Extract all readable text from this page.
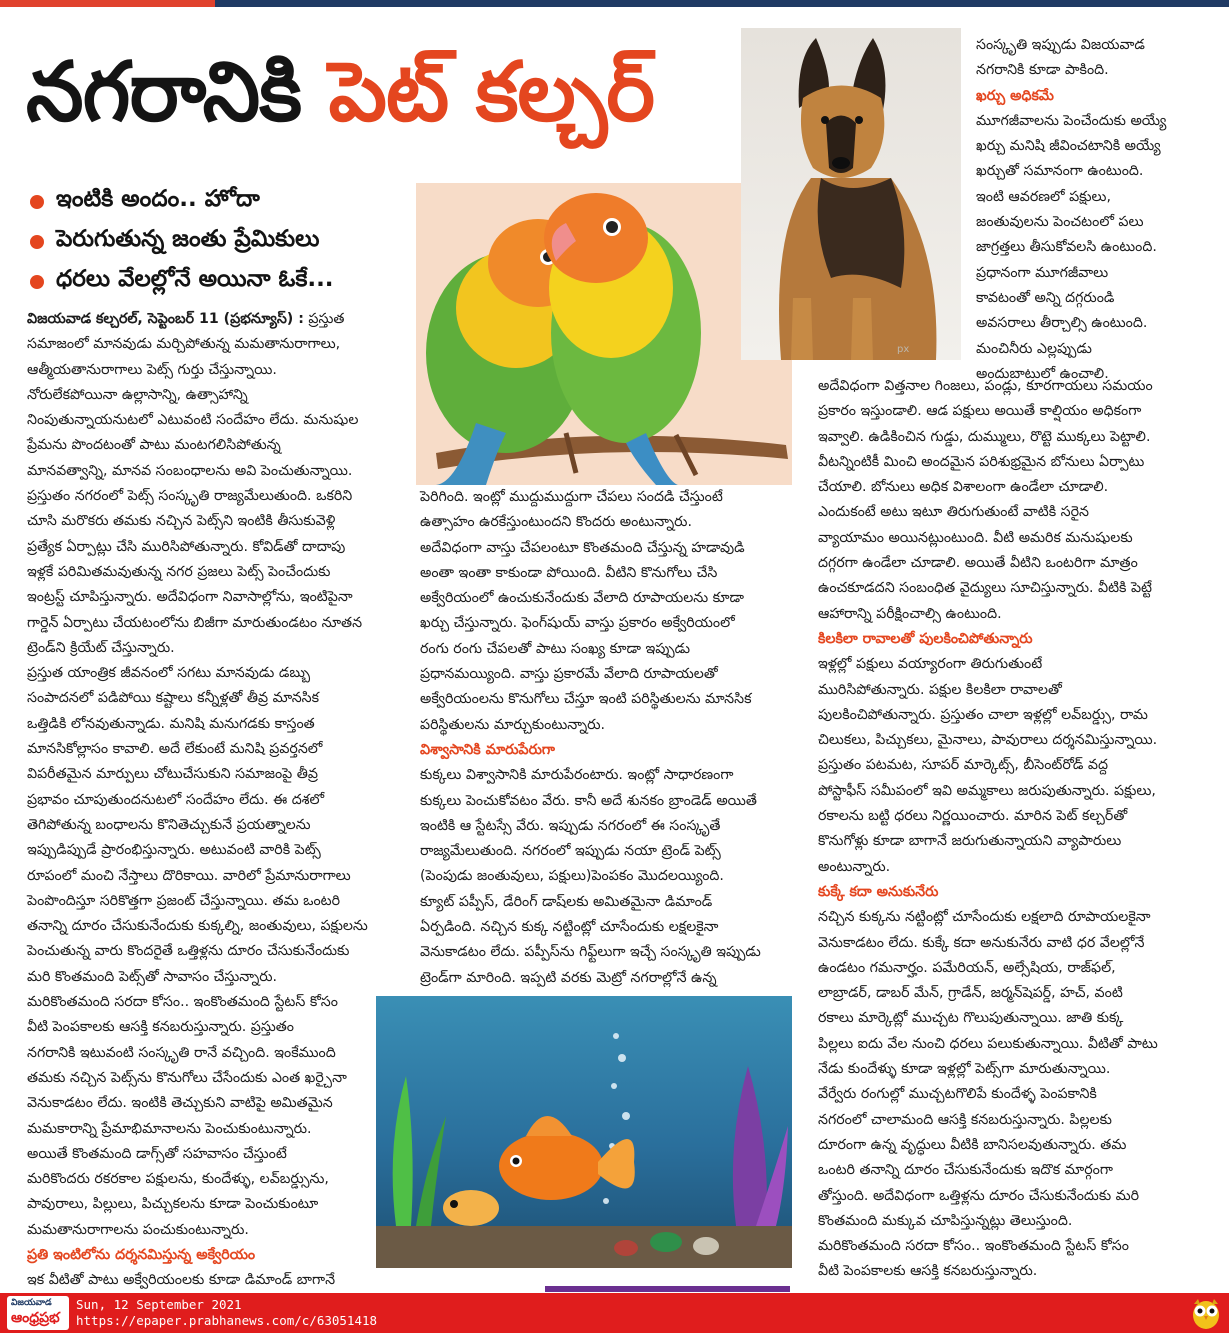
నగరానికి పెట్ కల్చర్
ఇంటికి అందం.. హోదా
పెరుగుతున్న జంతు ప్రేమికులు
ధరలు వేలల్లోనే అయినా ఓకే...

విజయవాడ కల్చరల్, సెప్టెంబర్ 11 (ప్రభన్యూస్) : ప్రస్తుత

సమాజంలో మానవుడు మర్చిపోతున్న మమతానురాగాలు,

ఆత్మీయతానురాగాలు పెట్స్ గుర్తు చేస్తున్నాయి.

నోరులేకపోయినా ఉల్లాసాన్ని, ఉత్సాహాన్ని

నింపుతున్నాయనుటలో ఎటువంటి సందేహం లేదు. మనుషుల

ప్రేమను పొందటంతో పాటు మంటగలిసిపోతున్న

మానవత్వాన్ని, మానవ సంబంధాలను అవి పెంచుతున్నాయి.

ప్రస్తుతం నగరంలో పెట్స్ సంస్కృతి రాజ్యమేలుతుంది. ఒకరిని

చూసి మరొకరు తమకు నచ్చిన పెట్స్‌ని ఇంటికి తీసుకువెళ్లి

ప్రత్యేక ఏర్పాట్లు చేసి మురిసిపోతున్నారు. కోవిడ్‌తో దాదాపు

ఇళ్లకే పరిమితమవుతున్న నగర ప్రజలు పెట్స్ పెంచేందుకు

ఇంట్రస్ట్ చూపిస్తున్నారు. అదేవిధంగా నివాసాల్లోను, ఇంటిపైనా

గార్డెన్ ఏర్పాటు చేయటంలోను బిజీగా మారుతుండటం నూతన

ట్రెండ్‌ని క్రియేట్ చేస్తున్నారు.

ప్రస్తుత యాంత్రిక జీవనంలో సగటు మానవుడు డబ్బు

సంపాదనలో పడిపోయి కష్టాలు కన్నీళ్లతో తీవ్ర మానసిక

ఒత్తిడికి లోనవుతున్నాడు. మనిషి మనుగడకు కాస్తంత

మానసికోల్లాసం కావాలి. అదే లేకుంటే మనిషి ప్రవర్తనలో

విపరీతమైన మార్పులు చోటుచేసుకుని సమాజంపై తీవ్ర

ప్రభావం చూపుతుందనుటలో సందేహం లేదు. ఈ దశలో

తెగిపోతున్న బంధాలను కొనితెచ్చుకునే ప్రయత్నాలను

ఇప్పుడిప్పుడే ప్రారంభిస్తున్నారు. అటువంటి వారికి పెట్స్

రూపంలో మంచి నేస్తాలు దొరికాయి. వారిలో ప్రేమానురాగాలు

పెంపొందిస్తూ సరికొత్తగా ప్రజంట్ చేస్తున్నాయి. తమ ఒంటరి

తనాన్ని దూరం చేసుకునేందుకు కుక్కల్ని, జంతువులు, పక్షులను

పెంచుతున్న వారు కొందరైతే ఒత్తిళ్లను దూరం చేసుకునేందుకు

మరి కొంతమంది పెట్స్‌తో సావాసం చేస్తున్నారు.

మరికొంతమంది సరదా కోసం.. ఇంకొంతమంది స్టేటస్ కోసం

వీటి పెంపకాలకు ఆసక్తి కనబరుస్తున్నారు. ప్రస్తుతం

నగరానికి ఇటువంటి సంస్కృతి రానే వచ్చింది. ఇంకేముంది

తమకు నచ్చిన పెట్స్‌ను కొనుగోలు చేసేందుకు ఎంత ఖర్చైనా

వెనుకాడటం లేదు. ఇంటికి తెచ్చుకుని వాటిపై అమితమైన

మమకారాన్ని ప్రేమాభిమానాలను పెంచుకుంటున్నారు.

అయితే కొంతమంది డాగ్స్‌తో సహవాసం చేస్తుంటే

మరికొందరు రకరకాల పక్షులను, కుందేళ్ళు, లవ్‌బర్డ్సును,

పావురాలు, పిల్లులు, పిచ్చుకలను కూడా పెంచుకుంటూ

మమతానురాగాలను పంచుకుంటున్నారు.

ప్రతి ఇంటిలోను దర్శనమిస్తున్న అక్వేరియం

ఇక వీటితో పాటు అక్వేరియంలకు కూడా డిమాండ్ బాగానే

px

పెరిగింది. ఇంట్లో ముద్దుముద్దుగా చేపలు సందడి చేస్తుంటే

ఉత్సాహం ఉరకేస్తుంటుందని కొందరు అంటున్నారు.

అదేవిధంగా వాస్తు చేపలంటూ కొంతమంది చేస్తున్న హడావుడి

అంతా ఇంతా కాకుండా పోయింది. వీటిని కొనుగోలు చేసి

అక్వేరియంలో ఉంచుకునేందుకు వేలాది రూపాయలను కూడా

ఖర్చు చేస్తున్నారు. ఫెంగ్‌షుయ్ వాస్తు ప్రకారం అక్వేరియంలో

రంగు రంగు చేపలతో పాటు సంఖ్య కూడా ఇప్పుడు

ప్రధానమయ్యింది. వాస్తు ప్రకారమే వేలాది రూపాయలతో

అక్వేరియంలను కొనుగోలు చేస్తూ ఇంటి పరిస్థితులను మానసిక

పరిస్థితులను మార్చుకుంటున్నారు.

విశ్వాసానికి మారుపేరుగా

కుక్కలు విశ్వాసానికి మారుపేరంటారు. ఇంట్లో సాధారణంగా

కుక్కలు పెంచుకోవటం వేరు. కానీ అదే శునకం బ్రాండెడ్ అయితే

ఇంటికి ఆ స్టేటస్సే వేరు. ఇప్పుడు నగరంలో ఈ సంస్కృతే

రాజ్యమేలుతుంది. నగరంలో ఇప్పుడు నయా ట్రెండ్ పెట్స్

(పెంపుడు జంతువులు, పక్షులు)పెంపకం మొదలయ్యింది.

క్యూట్ పప్పీస్, డేరింగ్ డాష్‌లకు అమితమైనా డిమాండ్

ఏర్పడింది. నచ్చిన కుక్క నట్టింట్లో చూసేందుకు లక్షలకైనా

వెనుకాడటం లేదు. పప్పీస్‌ను గిఫ్ట్‌లుగా ఇచ్చే సంస్కృతి ఇప్పుడు

ట్రెండ్‌గా మారింది. ఇప్పటి వరకు మెట్రో నగరాల్లోనే ఉన్న

సంస్కృతి ఇప్పుడు విజయవాడ

నగరానికి కూడా పాకింది.

ఖర్చు అధికమే

మూగజీవాలను పెంచేందుకు అయ్యే

ఖర్చు మనిషి జీవించటానికి అయ్యే

ఖర్చుతో సమానంగా ఉంటుంది.

ఇంటి ఆవరణలో పక్షులు,

జంతువులను పెంచటంలో పలు

జాగ్రత్తలు తీసుకోవలసి ఉంటుంది.

ప్రధానంగా మూగజీవాలు

కావటంతో అన్ని దగ్గరుండి

అవసరాలు తీర్చాల్సి ఉంటుంది.

మంచినీరు ఎల్లప్పుడు

అందుబాటులో ఉంచాలి.

అదేవిధంగా విత్తనాల గింజలు, పండ్లు, కూరగాయలు సమయం

ప్రకారం ఇస్తుండాలి. ఆడ పక్షులు అయితే కాల్షియం అధికంగా

ఇవ్వాలి. ఉడికించిన గుడ్డు, దుమ్ములు, రొట్టె ముక్కలు పెట్టాలి.

వీటన్నింటికీ మించి అందమైన పరిశుభ్రమైన బోనులు ఏర్పాటు

చేయాలి. బోనులు అధిక విశాలంగా ఉండేలా చూడాలి.

ఎందుకంటే అటు ఇటూ తిరుగుతుంటే వాటికి సరైన

వ్యాయామం అయినట్లుంటుంది. వీటి అమరిక మనుషులకు

దగ్గరగా ఉండేలా చూడాలి. అయితే వీటిని ఒంటరిగా మాత్రం

ఉంచకూడదని సంబంధిత వైద్యులు సూచిస్తున్నారు. వీటికి పెట్టే

ఆహారాన్ని పరీక్షించాల్సి ఉంటుంది.

కిలకిలా రావాలతో పులకించిపోతున్నారు

ఇళ్లల్లో పక్షులు వయ్యారంగా తిరుగుతుంటే

మురిసిపోతున్నారు. పక్షుల కిలకిలా రావాలతో

పులకించిపోతున్నారు. ప్రస్తుతం చాలా ఇళ్లల్లో లవ్‌బర్డ్సు, రామ

చిలుకలు, పిచ్చుకలు, మైనాలు, పావురాలు దర్శనమిస్తున్నాయి.

ప్రస్తుతం పటమట, సూపర్ మార్కెట్స్, బీసెంట్‌రోడ్ వద్ద

పోస్టాఫీస్ సమీపంలో ఇవి అమ్మకాలు జరుపుతున్నారు. పక్షులు,

రకాలను బట్టి ధరలు నిర్ణయించారు. మారిన పెట్ కల్చర్‌తో

కొనుగోళ్లు కూడా బాగానే జరుగుతున్నాయని వ్యాపారులు

అంటున్నారు.

కుక్కే కదా అనుకునేరు

నచ్చిన కుక్కను నట్టింట్లో చూసేందుకు లక్షలాది రూపాయలకైనా

వెనుకాడటం లేదు. కుక్కే కదా అనుకునేరు వాటి ధర వేలల్లోనే

ఉండటం గమనార్హం. పమేరియన్, అల్సేషియ, రాజ్‌ఫల్,

లాబ్రాడర్, డాబర్ మేన్, గ్రాడేన్, జర్మన్‌షెపర్డ్, హచ్, వంటి

రకాలు మార్కెట్లో ముచ్చట గొలుపుతున్నాయి. జాతి కుక్క

పిల్లలు ఐదు వేల నుంచి ధరలు పలుకుతున్నాయి. వీటితో పాటు

నేడు కుందేళ్ళు కూడా ఇళ్లల్లో పెట్స్‌గా మారుతున్నాయి.

వేర్వేరు రంగుల్లో ముచ్చటగొలిపే కుందేళ్ళ పెంపకానికి

నగరంలో చాలామంది ఆసక్తి కనబరుస్తున్నారు. పిల్లలకు

దూరంగా ఉన్న వృద్ధులు వీటికి బానిసలవుతున్నారు. తమ

ఒంటరి తనాన్ని దూరం చేసుకునేందుకు ఇదొక మార్గంగా

తోస్తుంది. అదేవిధంగా ఒత్తిళ్లను దూరం చేసుకునేందుకు మరి

కొంతమంది మక్కువ చూపిస్తున్నట్లు తెలుస్తుంది.

మరికొంతమంది సరదా కోసం.. ఇంకొంతమంది స్టేటస్ కోసం

వీటి పెంపకాలకు ఆసక్తి కనబరుస్తున్నారు.

విజయవాడ
ఆంధ్రప్రభ
Sun, 12 September 2021
https://epaper.prabhanews.com/c/63051418
